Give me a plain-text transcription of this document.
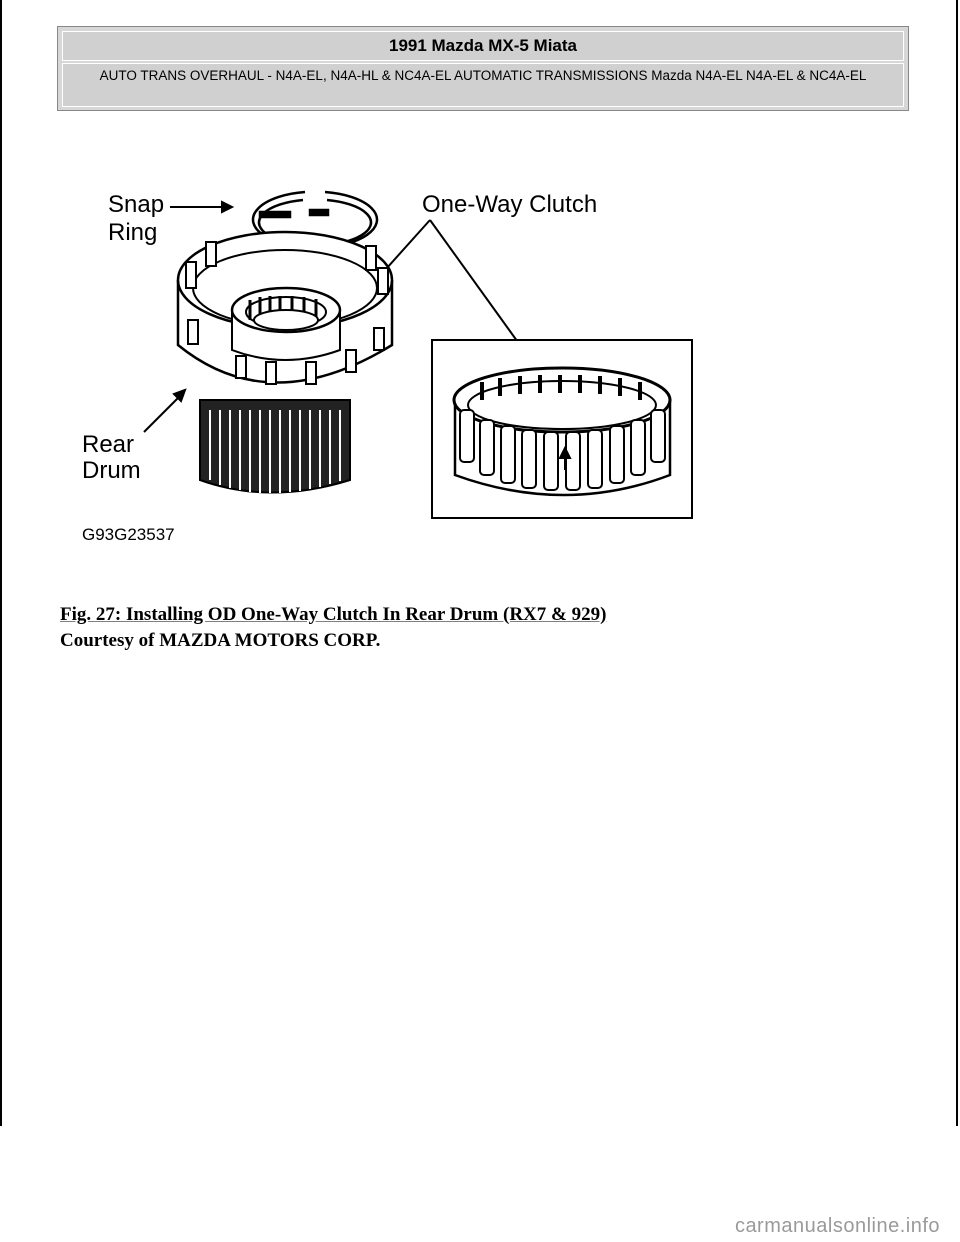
1991 Mazda MX-5 Miata
AUTO TRANS OVERHAUL - N4A-EL, N4A-HL & NC4A-EL AUTOMATIC TRANSMISSIONS Mazda N4A-EL N4A-EL & NC4A-EL
Snap
Ring
One-Way Clutch
Rear
Drum
G93G23537
Fig. 27: Installing OD One-Way Clutch In Rear Drum (RX7 & 929)
Courtesy of MAZDA MOTORS CORP.
carmanualsonline.info
